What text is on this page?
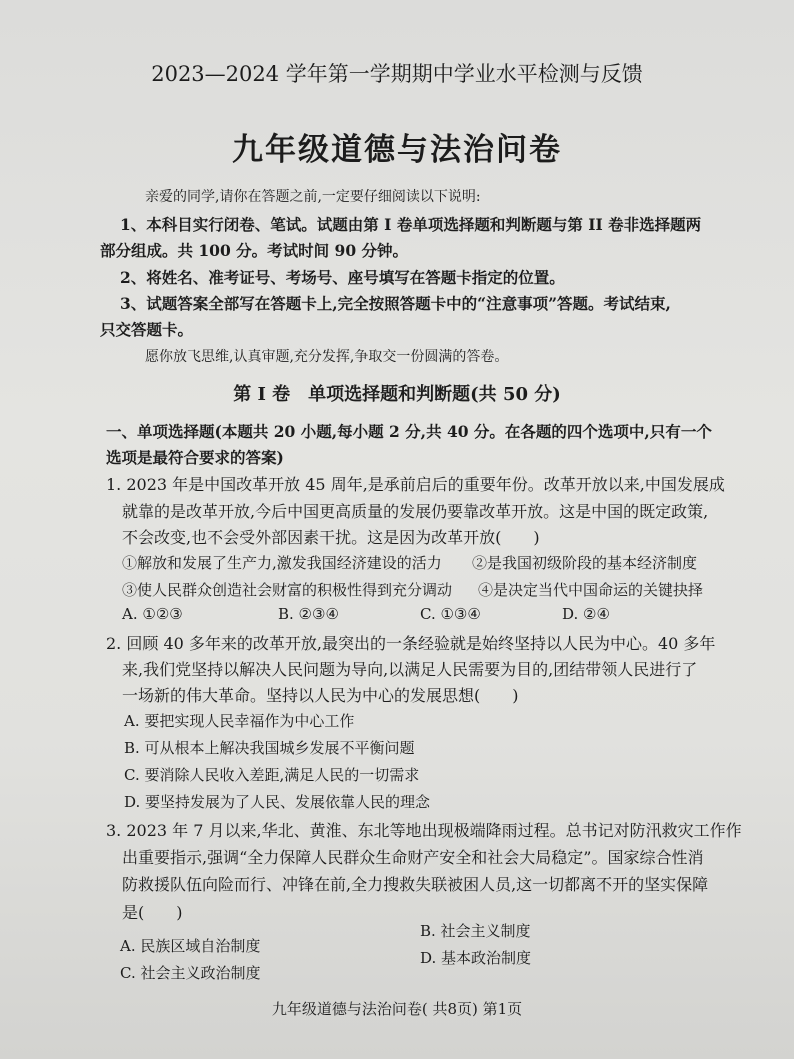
2023—2024 学年第一学期期中学业水平检测与反馈
九年级道德与法治问卷
亲爱的同学,请你在答题之前,一定要仔细阅读以下说明:
1、本科目实行闭卷、笔试。试题由第 I 卷单项选择题和判断题与第 II 卷非选择题两
部分组成。共 100 分。考试时间 90 分钟。
2、将姓名、准考证号、考场号、座号填写在答题卡指定的位置。
3、试题答案全部写在答题卡上,完全按照答题卡中的“注意事项”答题。考试结束,
只交答题卡。
愿你放飞思维,认真审题,充分发挥,争取交一份圆满的答卷。
第 I 卷　单项选择题和判断题(共 50 分)
一、单项选择题(本题共 20 小题,每小题 2 分,共 40 分。在各题的四个选项中,只有一个
选项是最符合要求的答案)
1. 2023 年是中国改革开放 45 周年,是承前启后的重要年份。改革开放以来,中国发展成
就靠的是改革开放,今后中国更高质量的发展仍要靠改革开放。这是中国的既定政策,
不会改变,也不会受外部因素干扰。这是因为改革开放(　　)
①解放和发展了生产力,激发我国经济建设的活力 ②是我国初级阶段的基本经济制度
③使人民群众创造社会财富的积极性得到充分调动 ④是决定当代中国命运的关键抉择
A. ①②③	B. ②③④	C. ①③④	D. ②④
2. 回顾 40 多年来的改革开放,最突出的一条经验就是始终坚持以人民为中心。40 多年
来,我们党坚持以解决人民问题为导向,以满足人民需要为目的,团结带领人民进行了
一场新的伟大革命。坚持以人民为中心的发展思想(　　)
A. 要把实现人民幸福作为中心工作
B. 可从根本上解决我国城乡发展不平衡问题
C. 要消除人民收入差距,满足人民的一切需求
D. 要坚持发展为了人民、发展依靠人民的理念
3. 2023 年 7 月以来,华北、黄淮、东北等地出现极端降雨过程。总书记对防汛救灾工作作
出重要指示,强调“全力保障人民群众生命财产安全和社会大局稳定”。国家综合性消
防救援队伍向险而行、冲锋在前,全力搜救失联被困人员,这一切都离不开的坚实保障
是(　　)
A. 民族区域自治制度
B. 社会主义制度
D. 基本政治制度
C. 社会主义政治制度
九年级道德与法治问卷( 共8页) 第1页
